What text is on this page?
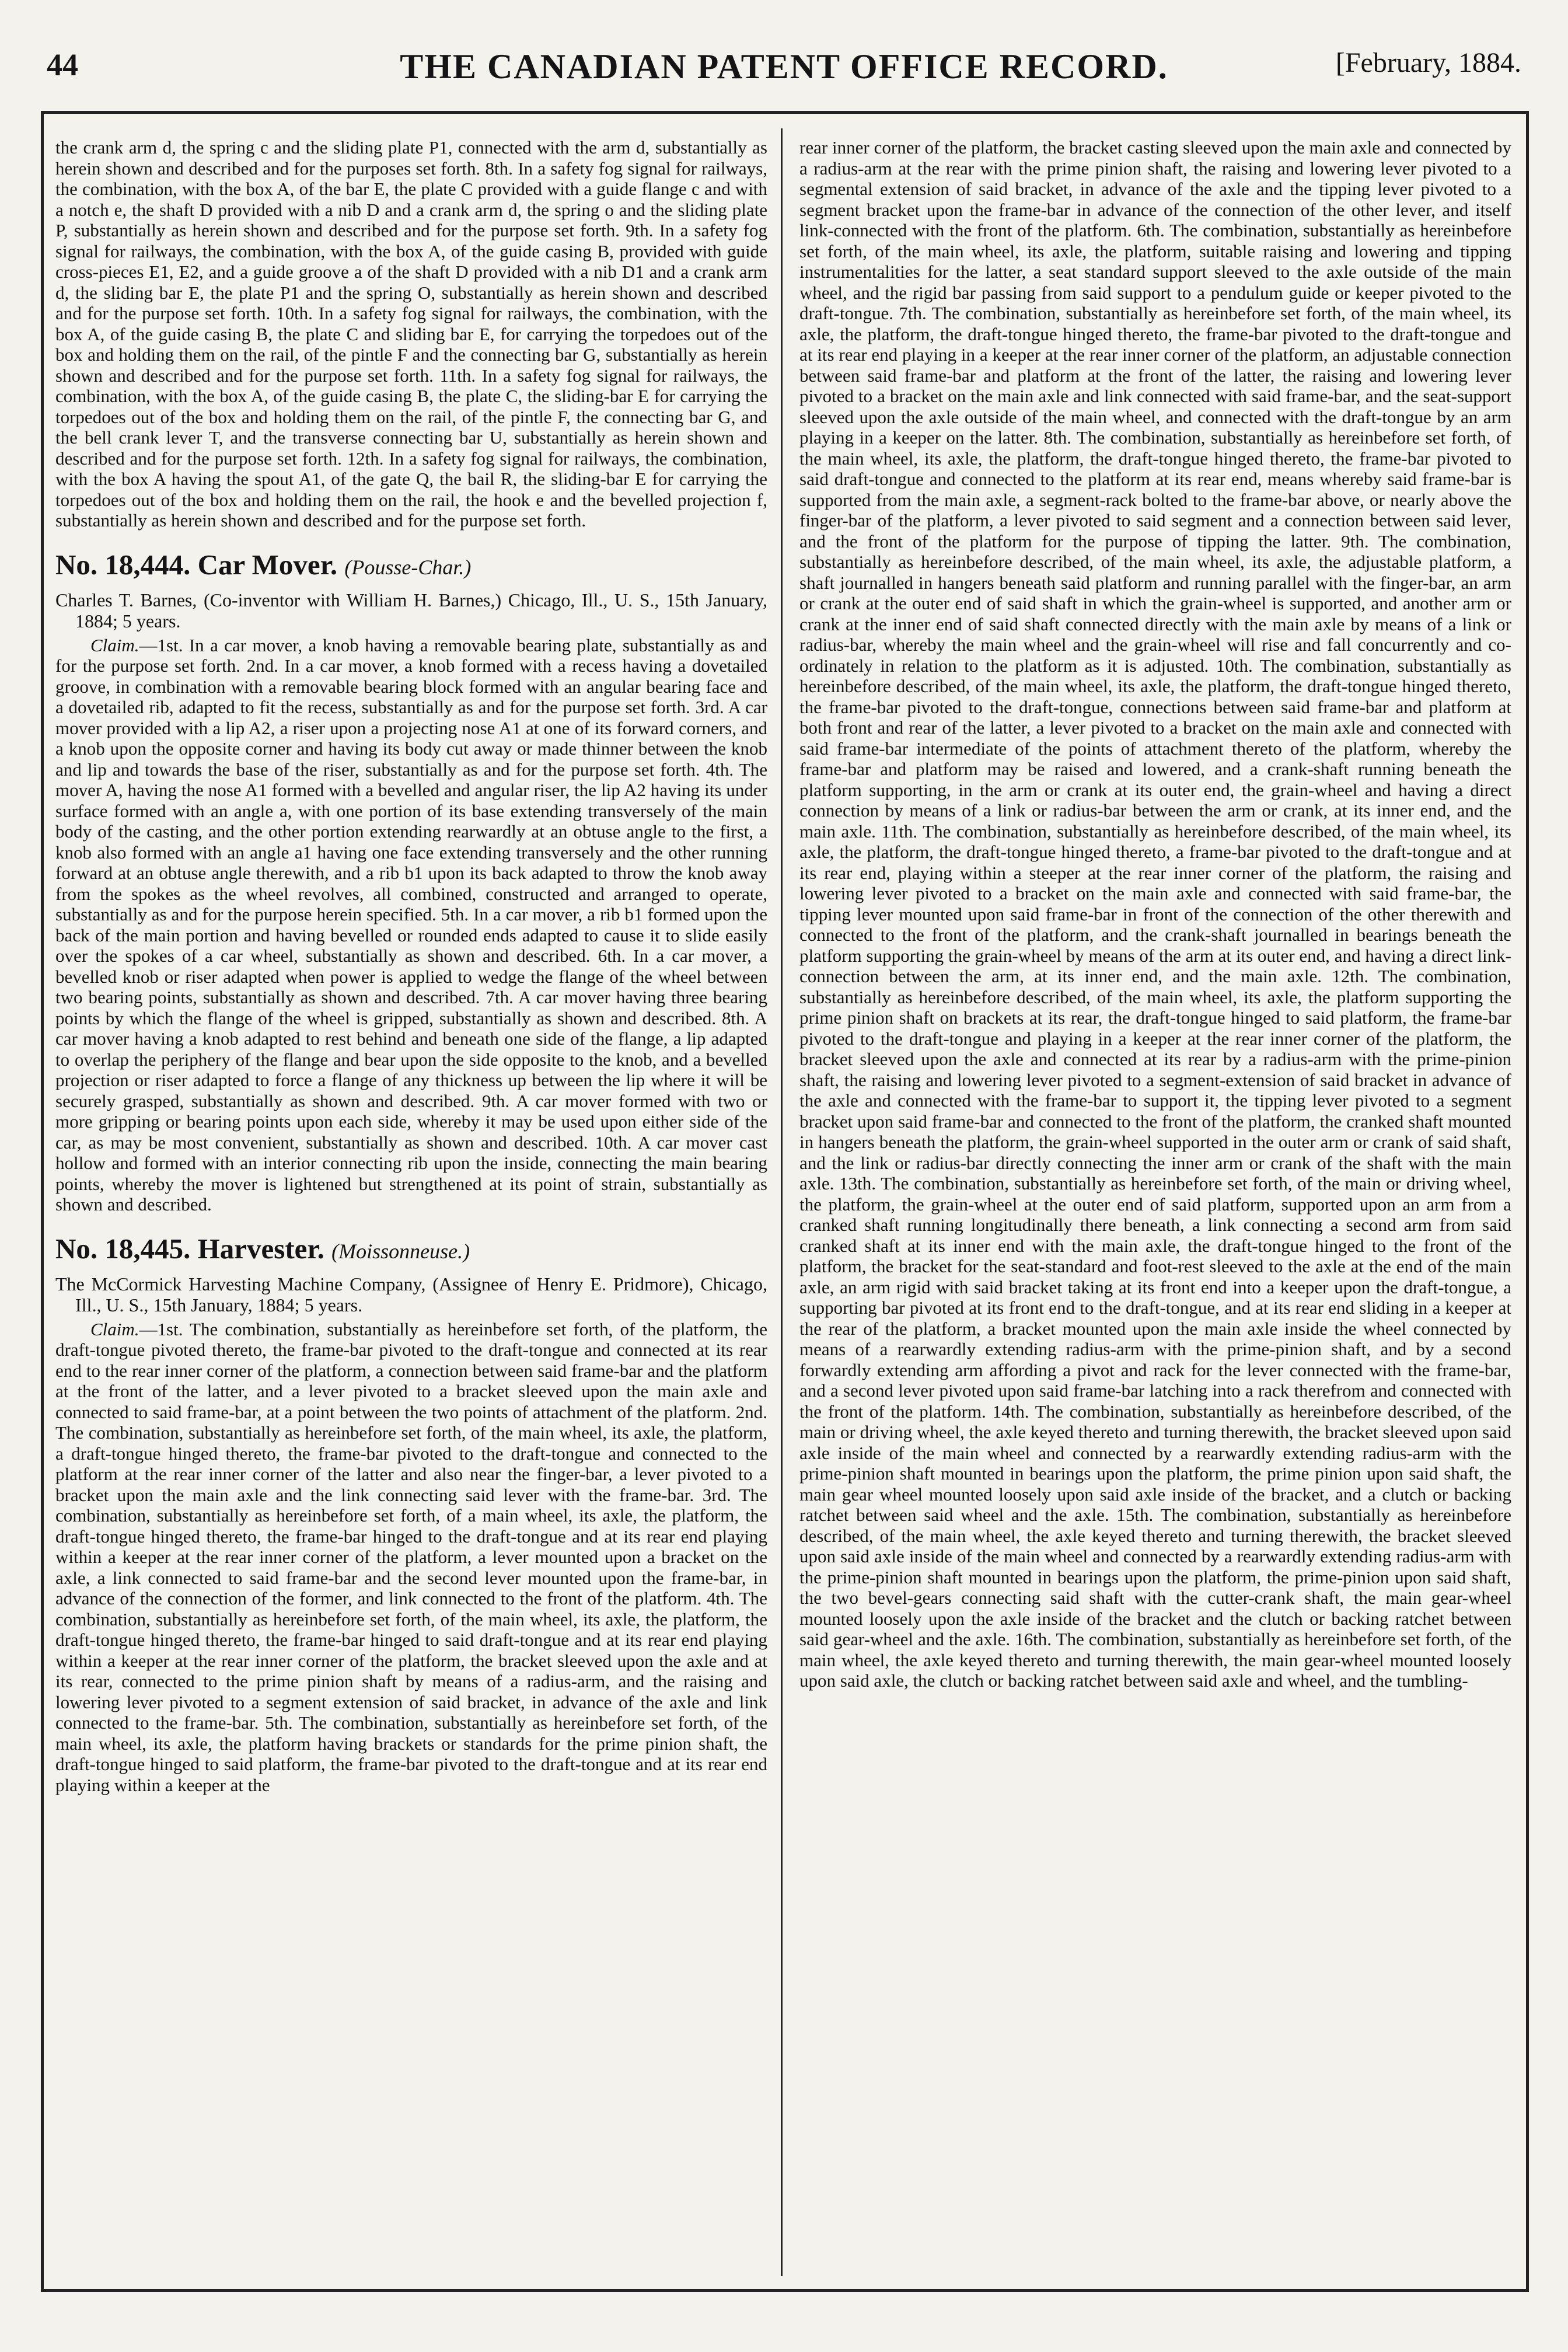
44	THE CANADIAN PATENT OFFICE RECORD.	[February, 1884.

the crank arm d, the spring c and the sliding plate P1, connected with the arm d, substantially as herein shown and described and for the purposes set forth. 8th. In a safety fog signal for railways, the combination, with the box A, of the bar E, the plate C provided with a guide flange c and with a notch e, the shaft D provided with a nib D and a crank arm d, the spring o and the sliding plate P, substantially as herein shown and described and for the purpose set forth. 9th. In a safety fog signal for railways, the combination, with the box A, of the guide casing B, provided with guide cross-pieces E1, E2, and a guide groove a of the shaft D provided with a nib D1 and a crank arm d, the sliding bar E, the plate P1 and the spring O, substantially as herein shown and described and for the purpose set forth. 10th. In a safety fog signal for railways, the combination, with the box A, of the guide casing B, the plate C and sliding bar E, for carrying the torpedoes out of the box and holding them on the rail, of the pintle F and the connecting bar G, substantially as herein shown and described and for the purpose set forth. 11th. In a safety fog signal for railways, the combination, with the box A, of the guide casing B, the plate C, the sliding-bar E for carrying the torpedoes out of the box and holding them on the rail, of the pintle F, the connecting bar G, and the bell crank lever T, and the transverse connecting bar U, substantially as herein shown and described and for the purpose set forth. 12th. In a safety fog signal for railways, the combination, with the box A having the spout A1, of the gate Q, the bail R, the sliding-bar E for carrying the torpedoes out of the box and holding them on the rail, the hook e and the bevelled projection f, substantially as herein shown and described and for the purpose set forth.

No. 18,444. Car Mover. (Pousse-Char.)

Charles T. Barnes, (Co-inventor with William H. Barnes,) Chicago, Ill., U. S., 15th January, 1884; 5 years.

Claim.—1st. In a car mover, a knob having a removable bearing plate, substantially as and for the purpose set forth. 2nd. In a car mover, a knob formed with a recess having a dovetailed groove, in combination with a removable bearing block formed with an angular bearing face and a dovetailed rib, adapted to fit the recess, substantially as and for the purpose set forth. 3rd. A car mover provided with a lip A2, a riser upon a projecting nose A1 at one of its forward corners, and a knob upon the opposite corner and having its body cut away or made thinner between the knob and lip and towards the base of the riser, substantially as and for the purpose set forth. 4th. The mover A, having the nose A1 formed with a bevelled and angular riser, the lip A2 having its under surface formed with an angle a, with one portion of its base extending transversely of the main body of the casting, and the other portion extending rearwardly at an obtuse angle to the first, a knob also formed with an angle a1 having one face extending transversely and the other running forward at an obtuse angle therewith, and a rib b1 upon its back adapted to throw the knob away from the spokes as the wheel revolves, all combined, constructed and arranged to operate, substantially as and for the purpose herein specified. 5th. In a car mover, a rib b1 formed upon the back of the main portion and having bevelled or rounded ends adapted to cause it to slide easily over the spokes of a car wheel, substantially as shown and described. 6th. In a car mover, a bevelled knob or riser adapted when power is applied to wedge the flange of the wheel between two bearing points, substantially as shown and described. 7th. A car mover having three bearing points by which the flange of the wheel is gripped, substantially as shown and described. 8th. A car mover having a knob adapted to rest behind and beneath one side of the flange, a lip adapted to overlap the periphery of the flange and bear upon the side opposite to the knob, and a bevelled projection or riser adapted to force a flange of any thickness up between the lip where it will be securely grasped, substantially as shown and described. 9th. A car mover formed with two or more gripping or bearing points upon each side, whereby it may be used upon either side of the car, as may be most convenient, substantially as shown and described. 10th. A car mover cast hollow and formed with an interior connecting rib upon the inside, connecting the main bearing points, whereby the mover is lightened but strengthened at its point of strain, substantially as shown and described.

No. 18,445. Harvester. (Moissonneuse.)

The McCormick Harvesting Machine Company, (Assignee of Henry E. Pridmore), Chicago, Ill., U. S., 15th January, 1884; 5 years.

Claim.—1st. The combination, substantially as hereinbefore set forth, of the platform, the draft-tongue pivoted thereto, the frame-bar pivoted to the draft-tongue and connected at its rear end to the rear inner corner of the platform, a connection between said frame-bar and the platform at the front of the latter, and a lever pivoted to a bracket sleeved upon the main axle and connected to said frame-bar, at a point between the two points of attachment of the platform. 2nd. The combination, substantially as hereinbefore set forth, of the main wheel, its axle, the platform, a draft-tongue hinged thereto, the frame-bar pivoted to the draft-tongue and connected to the platform at the rear inner corner of the latter and also near the finger-bar, a lever pivoted to a bracket upon the main axle and the link connecting said lever with the frame-bar. 3rd. The combination, substantially as hereinbefore set forth, of a main wheel, its axle, the platform, the draft-tongue hinged thereto, the frame-bar hinged to the draft-tongue and at its rear end playing within a keeper at the rear inner corner of the platform, a lever mounted upon a bracket on the axle, a link connected to said frame-bar and the second lever mounted upon the frame-bar, in advance of the connection of the former, and link connected to the front of the platform. 4th. The combination, substantially as hereinbefore set forth, of the main wheel, its axle, the platform, the draft-tongue hinged thereto, the frame-bar hinged to said draft-tongue and at its rear end playing within a keeper at the rear inner corner of the platform, the bracket sleeved upon the axle and at its rear, connected to the prime pinion shaft by means of a radius-arm, and the raising and lowering lever pivoted to a segment extension of said bracket, in advance of the axle and link connected to the frame-bar. 5th. The combination, substantially as hereinbefore set forth, of the main wheel, its axle, the platform having brackets or standards for the prime pinion shaft, the draft-tongue hinged to said platform, the frame-bar pivoted to the draft-tongue and at its rear end playing within a keeper at the

rear inner corner of the platform, the bracket casting sleeved upon the main axle and connected by a radius-arm at the rear with the prime pinion shaft, the raising and lowering lever pivoted to a segmental extension of said bracket, in advance of the axle and the tipping lever pivoted to a segment bracket upon the frame-bar in advance of the connection of the other lever, and itself link-connected with the front of the platform. 6th. The combination, substantially as hereinbefore set forth, of the main wheel, its axle, the platform, suitable raising and lowering and tipping instrumentalities for the latter, a seat standard support sleeved to the axle outside of the main wheel, and the rigid bar passing from said support to a pendulum guide or keeper pivoted to the draft-tongue. 7th. The combination, substantially as hereinbefore set forth, of the main wheel, its axle, the platform, the draft-tongue hinged thereto, the frame-bar pivoted to the draft-tongue and at its rear end playing in a keeper at the rear inner corner of the platform, an adjustable connection between said frame-bar and platform at the front of the latter, the raising and lowering lever pivoted to a bracket on the main axle and link connected with said frame-bar, and the seat-support sleeved upon the axle outside of the main wheel, and connected with the draft-tongue by an arm playing in a keeper on the latter. 8th. The combination, substantially as hereinbefore set forth, of the main wheel, its axle, the platform, the draft-tongue hinged thereto, the frame-bar pivoted to said draft-tongue and connected to the platform at its rear end, means whereby said frame-bar is supported from the main axle, a segment-rack bolted to the frame-bar above, or nearly above the finger-bar of the platform, a lever pivoted to said segment and a connection between said lever, and the front of the platform for the purpose of tipping the latter. 9th. The combination, substantially as hereinbefore described, of the main wheel, its axle, the adjustable platform, a shaft journalled in hangers beneath said platform and running parallel with the finger-bar, an arm or crank at the outer end of said shaft in which the grain-wheel is supported, and another arm or crank at the inner end of said shaft connected directly with the main axle by means of a link or radius-bar, whereby the main wheel and the grain-wheel will rise and fall concurrently and co-ordinately in relation to the platform as it is adjusted. 10th. The combination, substantially as hereinbefore described, of the main wheel, its axle, the platform, the draft-tongue hinged thereto, the frame-bar pivoted to the draft-tongue, connections between said frame-bar and platform at both front and rear of the latter, a lever pivoted to a bracket on the main axle and connected with said frame-bar intermediate of the points of attachment thereto of the platform, whereby the frame-bar and platform may be raised and lowered, and a crank-shaft running beneath the platform supporting, in the arm or crank at its outer end, the grain-wheel and having a direct connection by means of a link or radius-bar between the arm or crank, at its inner end, and the main axle. 11th. The combination, substantially as hereinbefore described, of the main wheel, its axle, the platform, the draft-tongue hinged thereto, a frame-bar pivoted to the draft-tongue and at its rear end, playing within a steeper at the rear inner corner of the platform, the raising and lowering lever pivoted to a bracket on the main axle and connected with said frame-bar, the tipping lever mounted upon said frame-bar in front of the connection of the other therewith and connected to the front of the platform, and the crank-shaft journalled in bearings beneath the platform supporting the grain-wheel by means of the arm at its outer end, and having a direct link-connection between the arm, at its inner end, and the main axle. 12th. The combination, substantially as hereinbefore described, of the main wheel, its axle, the platform supporting the prime pinion shaft on brackets at its rear, the draft-tongue hinged to said platform, the frame-bar pivoted to the draft-tongue and playing in a keeper at the rear inner corner of the platform, the bracket sleeved upon the axle and connected at its rear by a radius-arm with the prime-pinion shaft, the raising and lowering lever pivoted to a segment-extension of said bracket in advance of the axle and connected with the frame-bar to support it, the tipping lever pivoted to a segment bracket upon said frame-bar and connected to the front of the platform, the cranked shaft mounted in hangers beneath the platform, the grain-wheel supported in the outer arm or crank of said shaft, and the link or radius-bar directly connecting the inner arm or crank of the shaft with the main axle. 13th. The combination, substantially as hereinbefore set forth, of the main or driving wheel, the platform, the grain-wheel at the outer end of said platform, supported upon an arm from a cranked shaft running longitudinally there beneath, a link connecting a second arm from said cranked shaft at its inner end with the main axle, the draft-tongue hinged to the front of the platform, the bracket for the seat-standard and foot-rest sleeved to the axle at the end of the main axle, an arm rigid with said bracket taking at its front end into a keeper upon the draft-tongue, a supporting bar pivoted at its front end to the draft-tongue, and at its rear end sliding in a keeper at the rear of the platform, a bracket mounted upon the main axle inside the wheel connected by means of a rearwardly extending radius-arm with the prime-pinion shaft, and by a second forwardly extending arm affording a pivot and rack for the lever connected with the frame-bar, and a second lever pivoted upon said frame-bar latching into a rack therefrom and connected with the front of the platform. 14th. The combination, substantially as hereinbefore described, of the main or driving wheel, the axle keyed thereto and turning therewith, the bracket sleeved upon said axle inside of the main wheel and connected by a rearwardly extending radius-arm with the prime-pinion shaft mounted in bearings upon the platform, the prime pinion upon said shaft, the main gear wheel mounted loosely upon said axle inside of the bracket, and a clutch or backing ratchet between said wheel and the axle. 15th. The combination, substantially as hereinbefore described, of the main wheel, the axle keyed thereto and turning therewith, the bracket sleeved upon said axle inside of the main wheel and connected by a rearwardly extending radius-arm with the prime-pinion shaft mounted in bearings upon the platform, the prime-pinion upon said shaft, the two bevel-gears connecting said shaft with the cutter-crank shaft, the main gear-wheel mounted loosely upon the axle inside of the bracket and the clutch or backing ratchet between said gear-wheel and the axle. 16th. The combination, substantially as hereinbefore set forth, of the main wheel, the axle keyed thereto and turning therewith, the main gear-wheel mounted loosely upon said axle, the clutch or backing ratchet between said axle and wheel, and the tumbling-
